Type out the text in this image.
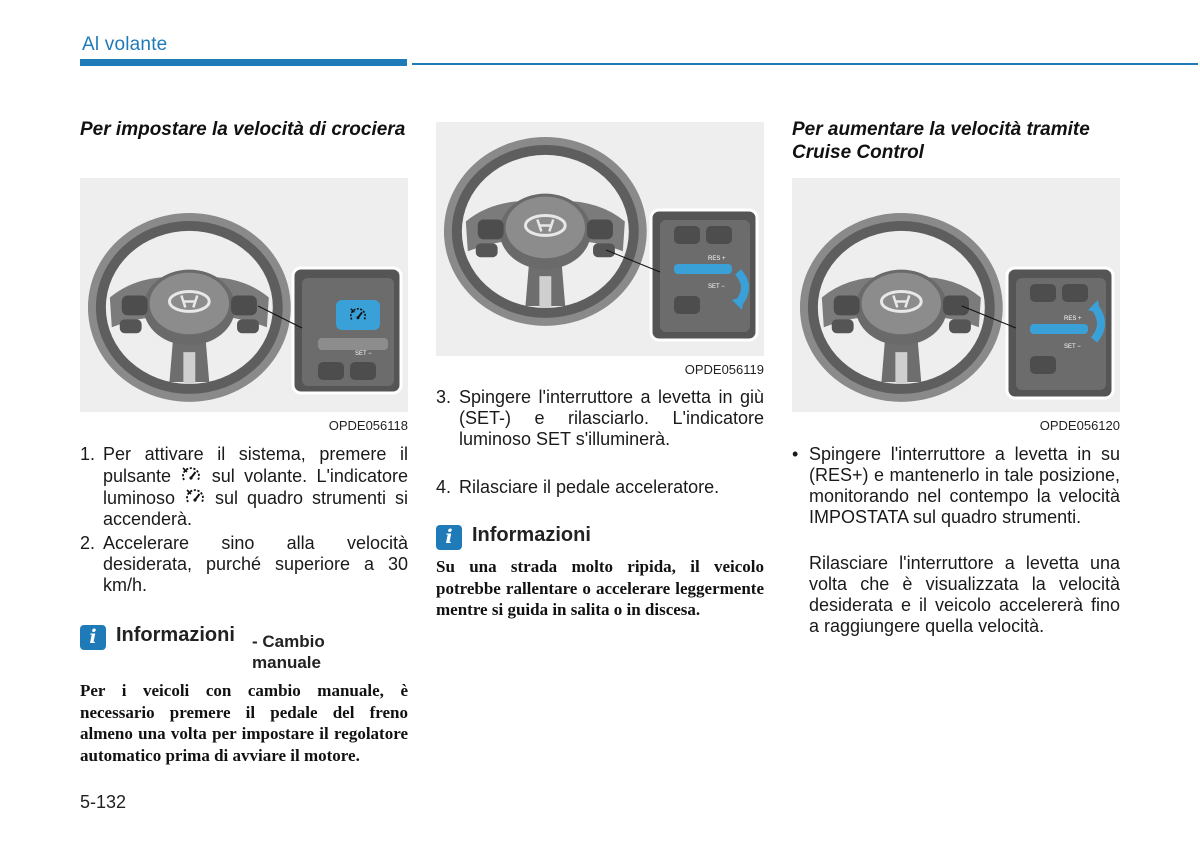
Al volante
Per impostare la velocità di crociera
SET −
OPDE056118
1. Per attivare il sistema, premere il pulsante sul volante. L'indicatore luminoso sul quadro strumenti si accenderà.
2. Accelerare sino alla velocità desiderata, purché superiore a 30 km/h.
i Informazioni - Cambio manuale
Per i veicoli con cambio manuale, è necessario premere il pedale del freno almeno una volta per impostare il regolatore automatico prima di avviare il motore.
RES +
SET −
OPDE056119
3. Spingere l'interruttore a levetta in giù (SET-) e rilasciarlo. L'indicatore luminoso SET s'illuminerà.
4. Rilasciare il pedale acceleratore.
i Informazioni
Su una strada molto ripida, il veicolo potrebbe rallentare o accelerare leggermente mentre si guida in salita o in discesa.
Per aumentare la velocità tramite Cruise Control
RES +
SET −
OPDE056120
• Spingere l'interruttore a levetta in su (RES+) e mantenerlo in tale posizione, monitorando nel contempo la velocità IMPOSTATA sul quadro strumenti.
Rilasciare l'interruttore a levetta una volta che è visualizzata la velocità desiderata e il veicolo accelererà fino a raggiungere quella velocità.
5-132
